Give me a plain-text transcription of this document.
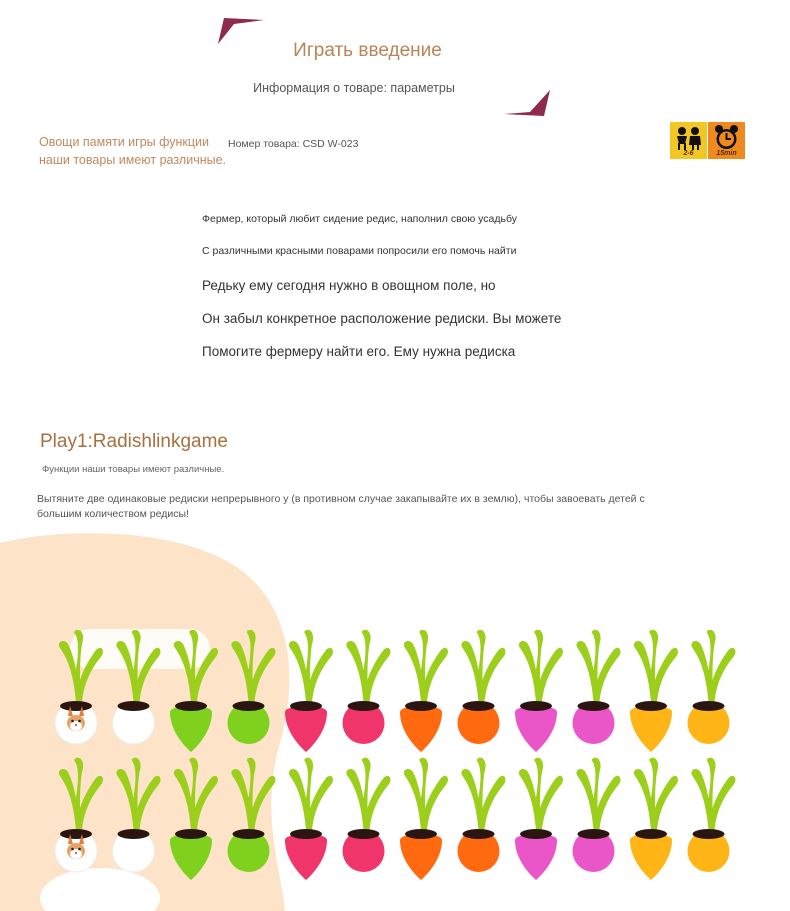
Играть введение
Информация о товаре: параметры
Овощи памяти игры функции
наши товары имеют различные.
Номер товара: CSD W-023
2-6	15min
Фермер, который любит сидение редис, наполнил свою усадьбу
С различными красными поварами попросили его помочь найти
Редьку ему сегодня нужно в овощном поле, но
Он забыл конкретное расположение редиски. Вы можете
Помогите фермеру найти его. Ему нужна редиска
Play1:Radishlinkgame
Функции наши товары имеют различные.
Вытяните две одинаковые редиски непрерывного у (в противном случае закапывайте их в землю), чтобы завоевать детей с большим количеством редисы!
